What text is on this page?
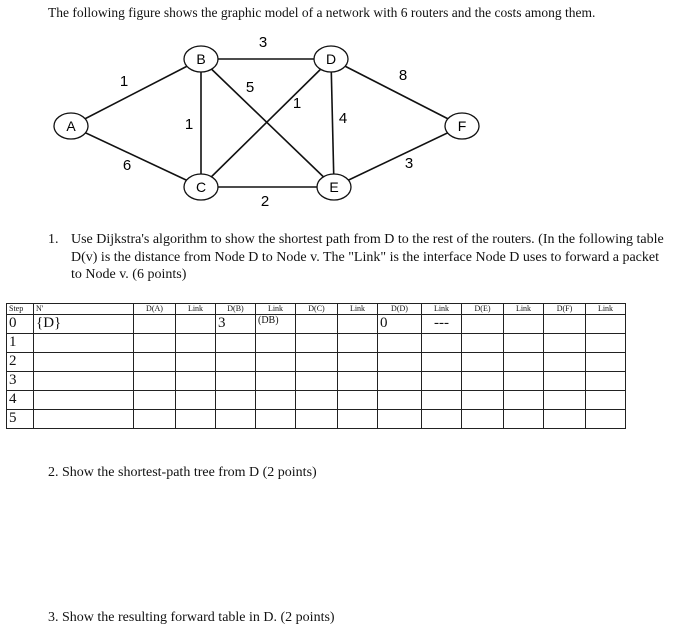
The following figure shows the graphic model of a network with 6 routers and the costs among them.
1
6
1
3
5
1
2
4
8
3
A
B
C
D
E
F
1. Use Dijkstra's algorithm to show the shortest path from D to the rest of the routers. (In the following table D(v) is the distance from Node D to Node v. The "Link" is the interface Node D uses to forward a packet to Node v. (6 points)
Step	N'	D(A)	Link	D(B)	Link	D(C)	Link	D(D)	Link	D(E)	Link	D(F)	Link
0	{D}			3	(DB)			0	---				
1													
2													
3													
4													
5													
2. Show the shortest-path tree from D (2 points)
3. Show the resulting forward table in D. (2 points)
